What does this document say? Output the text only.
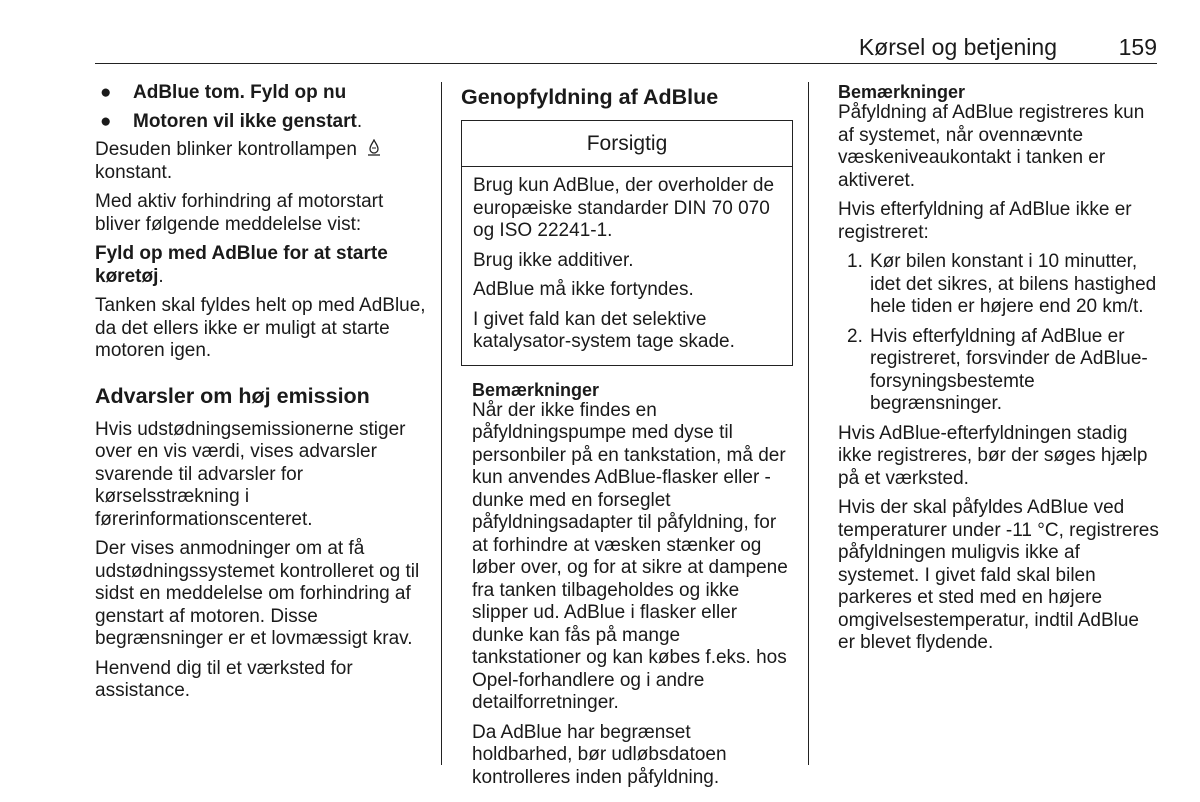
Kørsel og betjening	159
● AdBlue tom. Fyld op nu
● Motoren vil ikke genstart.

Desuden blinker kontrollampen
konstant.

Med aktiv forhindring af motorstart bliver følgende meddelelse vist:

Fyld op med AdBlue for at starte køretøj.

Tanken skal fyldes helt op med AdBlue, da det ellers ikke er muligt at starte motoren igen.

Advarsler om høj emission

Hvis udstødningsemissionerne stiger over en vis værdi, vises advarsler svarende til advarsler for kørselsstrækning i førerinformationscenteret.

Der vises anmodninger om at få udstødningssystemet kontrolleret og til sidst en meddelelse om forhindring af genstart af motoren. Disse begrænsninger er et lovmæssigt krav.

Henvend dig til et værksted for assistance.

Genopfyldning af AdBlue
Forsigtig

Brug kun AdBlue, der overholder de europæiske standarder DIN 70 070 og ISO 22241-1.

Brug ikke additiver.

AdBlue må ikke fortyndes.

I givet fald kan det selektive katalysator-system tage skade.

Bemærkninger

Når der ikke findes en påfyldningspumpe med dyse til personbiler på en tankstation, må der kun anvendes AdBlue-flasker eller -dunke med en forseglet påfyldningsadapter til påfyldning, for at forhindre at væsken stænker og løber over, og for at sikre at dampene fra tanken tilbageholdes og ikke slipper ud. AdBlue i flasker eller dunke kan fås på mange tankstationer og kan købes f.eks. hos Opel-forhandlere og i andre detailforretninger.

Da AdBlue har begrænset holdbarhed, bør udløbsdatoen kontrolleres inden påfyldning.

Bemærkninger

Påfyldning af AdBlue registreres kun af systemet, når ovennævnte væskeniveaukontakt i tanken er aktiveret.

Hvis efterfyldning af AdBlue ikke er registreret:

1. Kør bilen konstant i 10 minutter, idet det sikres, at bilens hastighed hele tiden er højere end 20 km/t.
2. Hvis efterfyldning af AdBlue er registreret, forsvinder de AdBlue-forsyningsbestemte begrænsninger.

Hvis AdBlue-efterfyldningen stadig ikke registreres, bør der søges hjælp på et værksted.

Hvis der skal påfyldes AdBlue ved temperaturer under -11 °C, registreres påfyldningen muligvis ikke af systemet. I givet fald skal bilen parkeres et sted med en højere omgivelsestemperatur, indtil AdBlue er blevet flydende.
